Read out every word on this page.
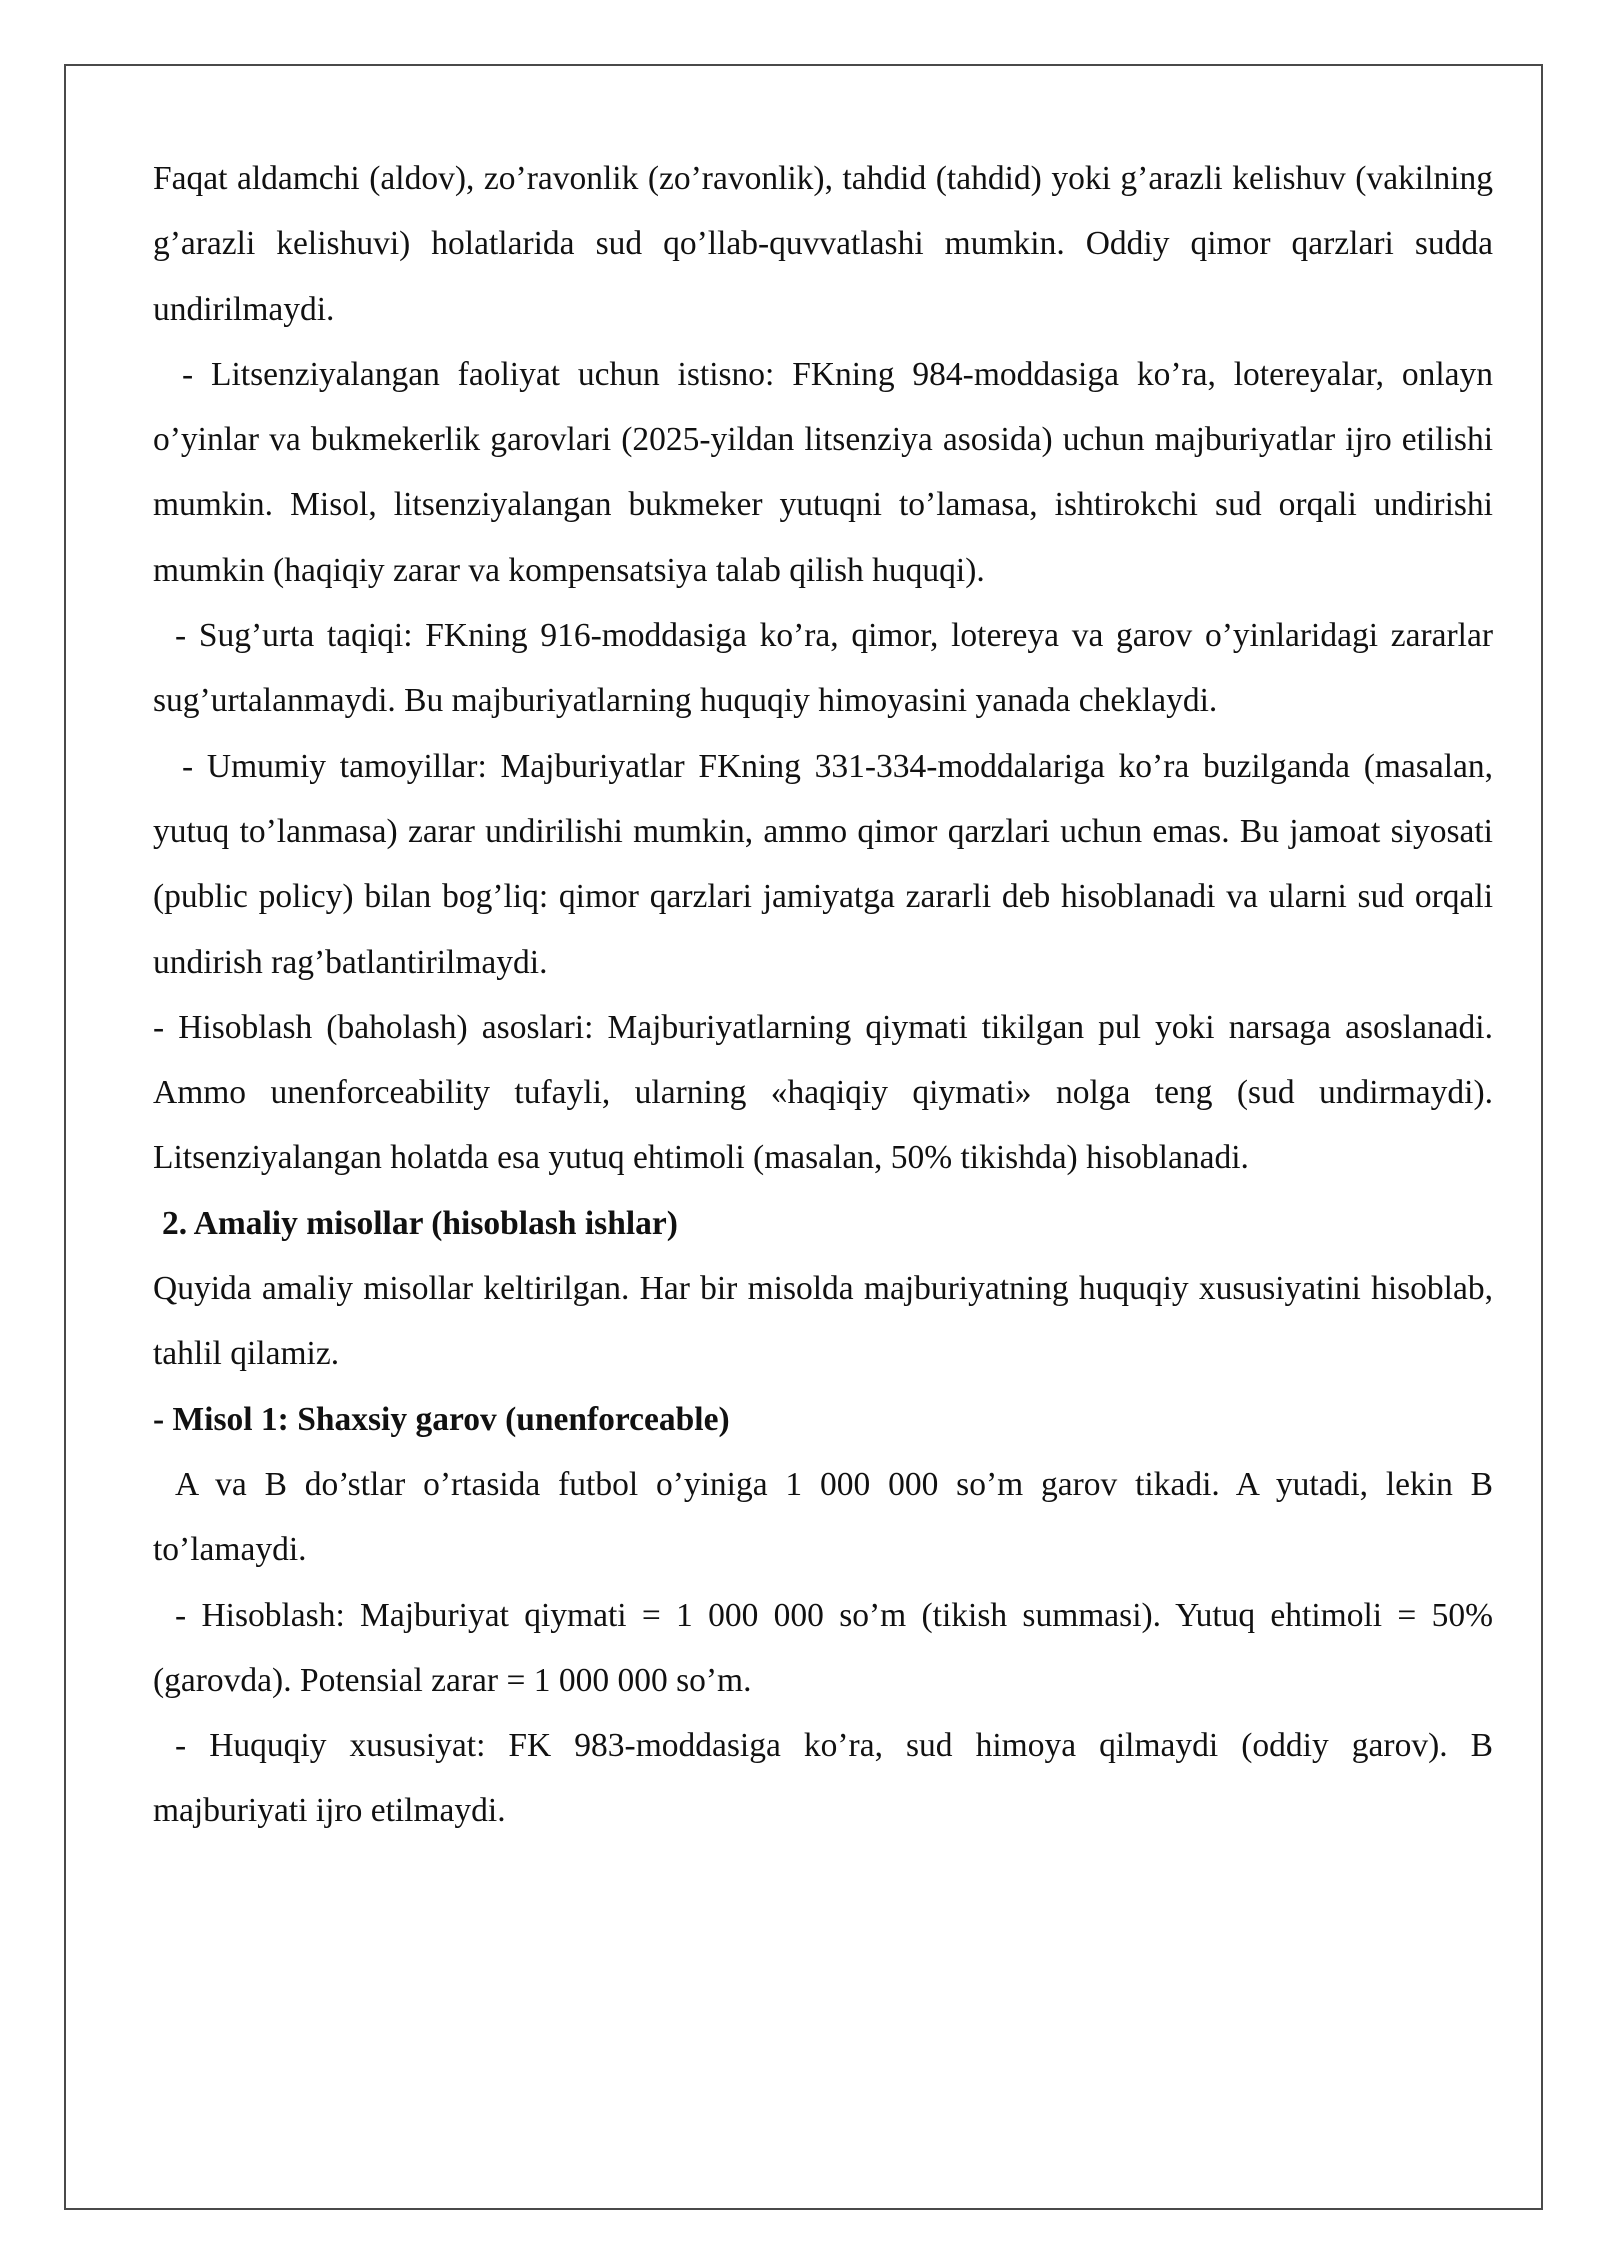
Faqat aldamchi (aldov), zo’ravonlik (zo’ravonlik), tahdid (tahdid) yoki g’arazli kelishuv (vakilning g’arazli kelishuvi) holatlarida sud qo’llab-quvvatlashi mumkin. Oddiy qimor qarzlari sudda undirilmaydi.

- Litsenziyalangan faoliyat uchun istisno: FKning 984-moddasiga ko’ra, lotereyalar, onlayn o’yinlar va bukmekerlik garovlari (2025-yildan litsenziya asosida) uchun majburiyatlar ijro etilishi mumkin. Misol, litsenziyalangan bukmeker yutuqni to’lamasa, ishtirokchi sud orqali undirishi mumkin (haqiqiy zarar va kompensatsiya talab qilish huquqi).

- Sug’urta taqiqi: FKning 916-moddasiga ko’ra, qimor, lotereya va garov o’yinlaridagi zararlar sug’urtalanmaydi. Bu majburiyatlarning huquqiy himoyasini yanada cheklaydi.

- Umumiy tamoyillar: Majburiyatlar FKning 331-334-moddalariga ko’ra buzilganda (masalan, yutuq to’lanmasa) zarar undirilishi mumkin, ammo qimor qarzlari uchun emas. Bu jamoat siyosati (public policy) bilan bog’liq: qimor qarzlari jamiyatga zararli deb hisoblanadi va ularni sud orqali undirish rag’batlantirilmaydi.

- Hisoblash (baholash) asoslari: Majburiyatlarning qiymati tikilgan pul yoki narsaga asoslanadi. Ammo unenforceability tufayli, ularning «haqiqiy qiymati» nolga teng (sud undirmaydi). Litsenziyalangan holatda esa yutuq ehtimoli (masalan, 50% tikishda) hisoblanadi.

2. Amaliy misollar (hisoblash ishlar)

Quyida amaliy misollar keltirilgan. Har bir misolda majburiyatning huquqiy xususiyatini hisoblab, tahlil qilamiz.

- Misol 1: Shaxsiy garov (unenforceable)

A va B do’stlar o’rtasida futbol o’yiniga 1 000 000 so’m garov tikadi. A yutadi, lekin B to’lamaydi.

- Hisoblash: Majburiyat qiymati = 1 000 000 so’m (tikish summasi). Yutuq ehtimoli = 50% (garovda). Potensial zarar = 1 000 000 so’m.

- Huquqiy xususiyat: FK 983-moddasiga ko’ra, sud himoya qilmaydi (oddiy garov). B majburiyati ijro etilmaydi.
